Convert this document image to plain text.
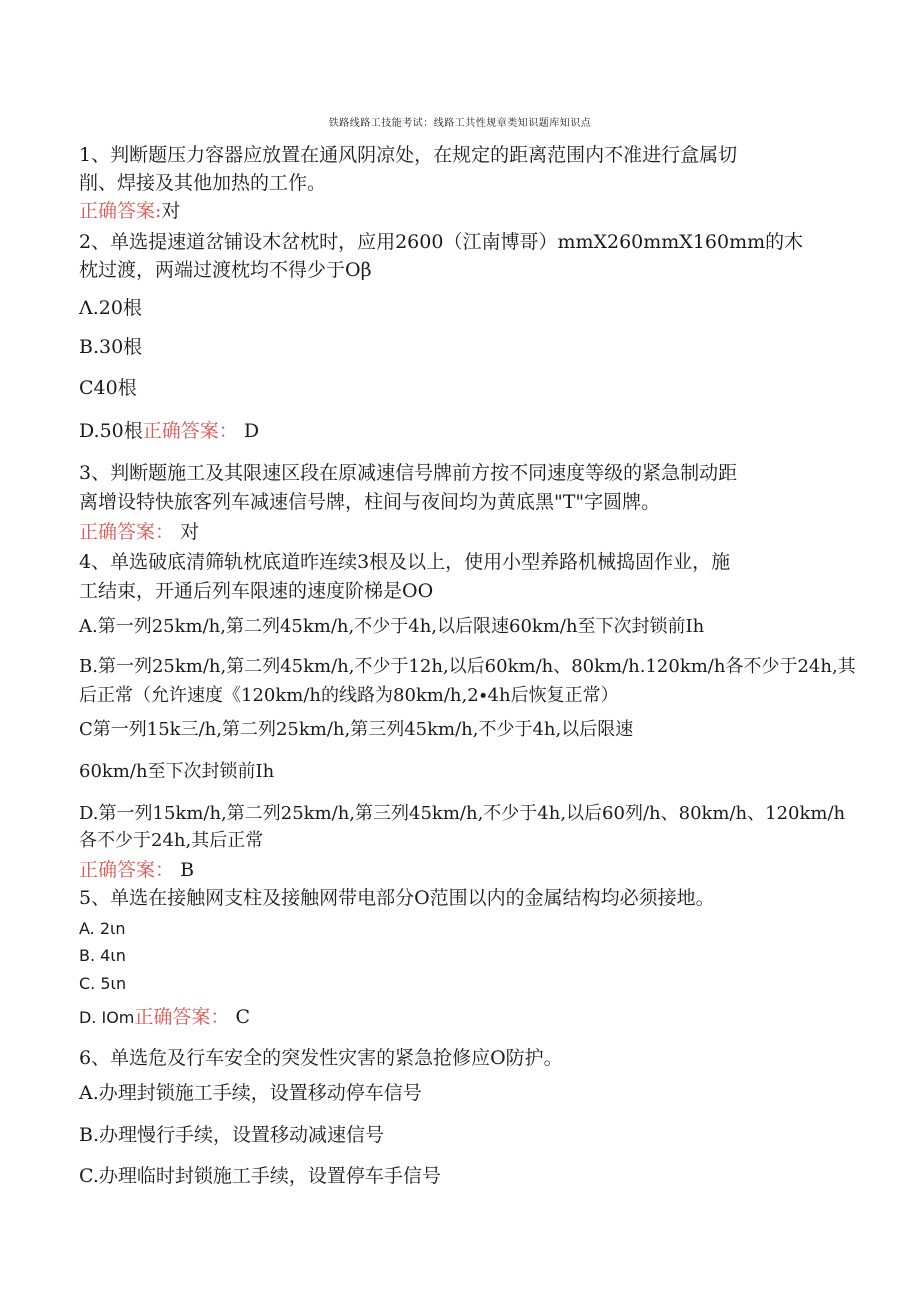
铁路线路工技能考试：线路工共性规章类知识题库知识点
1、判断题压力容器应放置在通风阴凉处，在规定的距离范围内不准进行盒属切
削、焊接及其他加热的工作。
正确答案:对
2、单选提速道岔铺设木岔枕时，应用2600（江南博哥）mmX260mmX160mm的木
枕过渡，两端过渡枕均不得少于Oβ
Λ.20根
B.30根
C40根
D.50根正确答案： D
3、判断题施工及其限速区段在原减速信号牌前方按不同速度等级的紧急制动距
离增设特快旅客列车减速信号牌，柱间与夜间均为黄底黑"T"字圆牌。
正确答案： 对
4、单选破底清筛轨枕底道昨连续3根及以上，使用小型养路机械捣固作业，施
工结束，开通后列车限速的速度阶梯是OO
A.第一列25km∕h,第二列45km∕h,不少于4h,以后限速60km∕h至下次封锁前Ih
B.第一列25km∕h,第二列45km∕h,不少于12h,以后60km/h、80km∕h.120km∕h各不少于24h,其
后正常（允许速度《120km∕h的线路为80km∕h,2∙4h后恢复正常）
C第一列15k三∕h,第二列25km∕h,第三列45km∕h,不少于4h,以后限速
60km∕h至下次封锁前Ih
D.第一列15km∕h,第二列25km∕h,第三列45km∕h,不少于4h,以后60列/h、80km/h、120km∕h
各不少于24h,其后正常
正确答案： B
5、单选在接触网支柱及接触网带电部分O范围以内的金属结构均必须接地。
A. 2ιn
B. 4ιn
C. 5ιn
D. IOm正确答案： C
6、单选危及行车安全的突发性灾害的紧急抢修应O防护。
A.办理封锁施工手续，设置移动停车信号
B.办理慢行手续，设置移动减速信号
C.办理临时封锁施工手续，设置停车手信号
